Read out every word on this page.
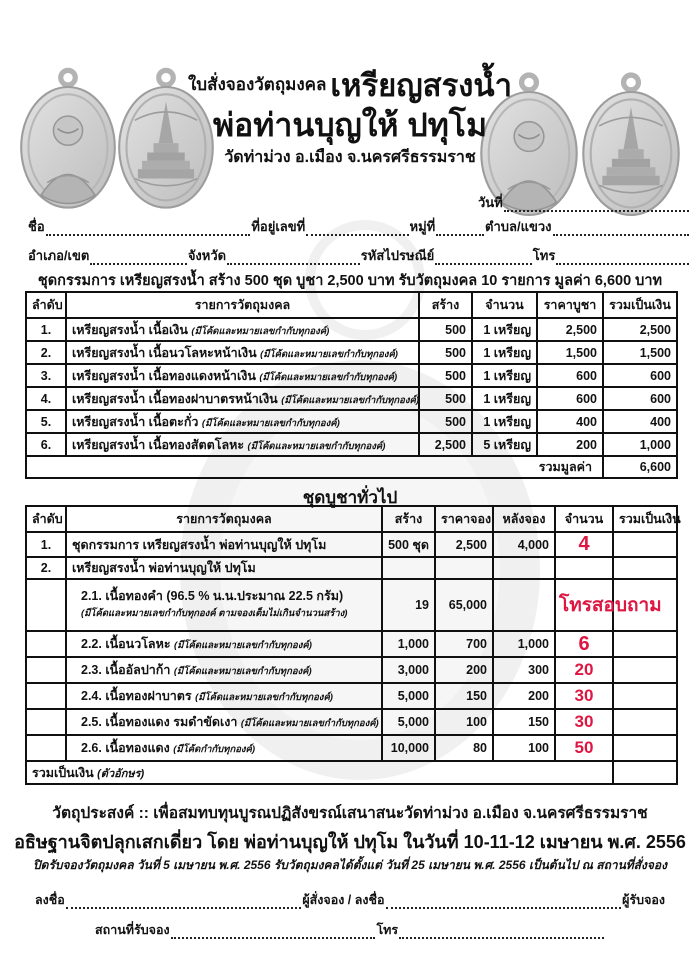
ใบสั่งจองวัตถุมงคล เหรียญสรงน้ำ
พ่อท่านบุญให้ ปทุโม
วัดท่าม่วง อ.เมือง จ.นครศรีธรรมราช
วันที่
ชื่อ	ที่อยู่เลขที่	หมู่ที่	ตำบล/แขวง
อำเภอ/เขต	จังหวัด	รหัสไปรษณีย์	โทร
ชุดกรรมการ เหรียญสรงน้ำ สร้าง 500 ชุด บูชา 2,500 บาท รับวัตถุมงคล 10 รายการ มูลค่า 6,600 บาท
ลำดับ	รายการวัตถุมงคล	สร้าง	จำนวน	ราคาบูชา	รวมเป็นเงิน
1.	เหรียญสรงน้ำ เนื้อเงิน (มีโค้ดและหมายเลขกำกับทุกองค์)	500	1 เหรียญ	2,500	2,500
2.	เหรียญสรงน้ำ เนื้อนวโลหะหน้าเงิน (มีโค้ดและหมายเลขกำกับทุกองค์)	500	1 เหรียญ	1,500	1,500
3.	เหรียญสรงน้ำ เนื้อทองแดงหน้าเงิน (มีโค้ดและหมายเลขกำกับทุกองค์)	500	1 เหรียญ	600	600
4.	เหรียญสรงน้ำ เนื้อทองฝาบาตรหน้าเงิน (มีโค้ดและหมายเลขกำกับทุกองค์)	500	1 เหรียญ	600	600
5.	เหรียญสรงน้ำ เนื้อตะกั่ว (มีโค้ดและหมายเลขกำกับทุกองค์)	500	1 เหรียญ	400	400
6.	เหรียญสรงน้ำ เนื้อทองสัตตโลหะ (มีโค้ดและหมายเลขกำกับทุกองค์)	2,500	5 เหรียญ	200	1,000
รวมมูลค่า					6,600
ชุดบูชาทั่วไป
ลำดับ	รายการวัตถุมงคล	สร้าง	ราคาจอง	หลังจอง	จำนวน	รวมเป็นเงิน
1.	ชุดกรรมการ เหรียญสรงน้ำ พ่อท่านบุญให้ ปทุโม	500 ชุด	2,500	4,000	4	
2.	เหรียญสรงน้ำ พ่อท่านบุญให้ ปทุโม					
	2.1. เนื้อทองคำ (96.5 % น.น.ประมาณ 22.5 กรัม)
(มีโค้ดและหมายเลขกำกับทุกองค์ ตามจองเต็มไม่เกินจำนวนสร้าง)	19	65,000		โทรสอบถาม	

	2.2. เนื้อนวโลหะ (มีโค้ดและหมายเลขกำกับทุกองค์)	1,000	700	1,000	6	
	2.3. เนื้ออัลปาก้า (มีโค้ดและหมายเลขกำกับทุกองค์)	3,000	200	300	20	
	2.4. เนื้อทองฝาบาตร (มีโค้ดและหมายเลขกำกับทุกองค์)	5,000	150	200	30	
	2.5. เนื้อทองแดง รมดำขัดเงา (มีโค้ดและหมายเลขกำกับทุกองค์)	5,000	100	150	30	
	2.6. เนื้อทองแดง (มีโค้ดกำกับทุกองค์)	10,000	80	100	50	
รวมเป็นเงิน (ตัวอักษร)						
วัตถุประสงค์ :: เพื่อสมทบทุนบูรณปฏิสังขรณ์เสนาสนะวัดท่าม่วง อ.เมือง จ.นครศรีธรรมราช
อธิษฐานจิตปลุกเสกเดี่ยว โดย พ่อท่านบุญให้ ปทุโม ในวันที่ 10-11-12 เมษายน พ.ศ. 2556
ปิดรับจองวัตถุมงคล วันที่ 5 เมษายน พ.ศ. 2556 รับวัตถุมงคลได้ตั้งแต่ วันที่ 25 เมษายน พ.ศ. 2556 เป็นต้นไป ณ สถานที่สั่งจอง
ลงชื่อ	ผู้สั่งจอง / ลงชื่อ	ผู้รับจอง
สถานที่รับจอง	โทร
